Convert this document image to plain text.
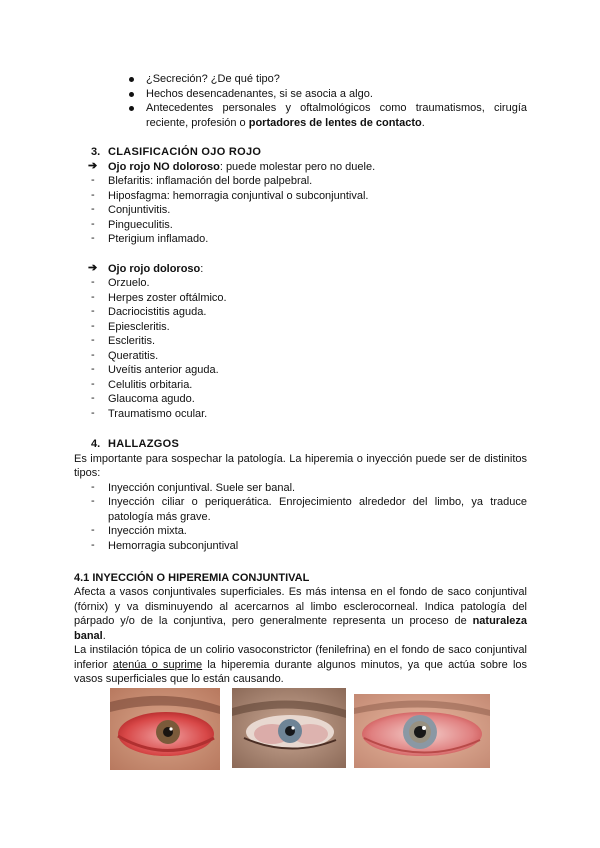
¿Secreción? ¿De qué tipo?
Hechos desencadenantes, si se asocia a algo.
Antecedentes personales y oftalmológicos como traumatismos, cirugía
reciente, profesión o portadores de lentes de contacto.
3. CLASIFICACIÓN OJO ROJO
➔ Ojo rojo NO doloroso: puede molestar pero no duele.
- Blefaritis: inflamación del borde palpebral.
- Hiposfagma: hemorragia conjuntival o subconjuntival.
- Conjuntivitis.
- Pingueculitis.
- Pterigium inflamado.
➔ Ojo rojo doloroso:
- Orzuelo.
- Herpes zoster oftálmico.
- Dacriocistitis aguda.
- Epiescleritis.
- Escleritis.
- Queratitis.
- Uveítis anterior aguda.
- Celulitis orbitaria.
- Glaucoma agudo.
- Traumatismo ocular.
4. HALLAZGOS
Es importante para sospechar la patología. La hiperemia o inyección puede ser de distinitos
tipos:
- Inyección conjuntival. Suele ser banal.
- Inyección ciliar o periquerática. Enrojecimiento alrededor del limbo, ya traduce
patología más grave.
- Inyección mixta.
- Hemorragia subconjuntival
4.1 INYECCIÓN O HIPEREMIA CONJUNTIVAL
Afecta a vasos conjuntivales superficiales. Es más intensa en el fondo de saco conjuntival
(fórnix) y va disminuyendo al acercarnos al limbo esclerocorneal. Indica patología del
párpado y/o de la conjuntiva, pero generalmente representa un proceso de naturaleza
banal.
La instilación tópica de un colirio vasoconstrictor (fenilefrina) en el fondo de saco conjuntival
inferior atenúa o suprime la hiperemia durante algunos minutos, ya que actúa sobre los
vasos superficiales que lo están causando.
